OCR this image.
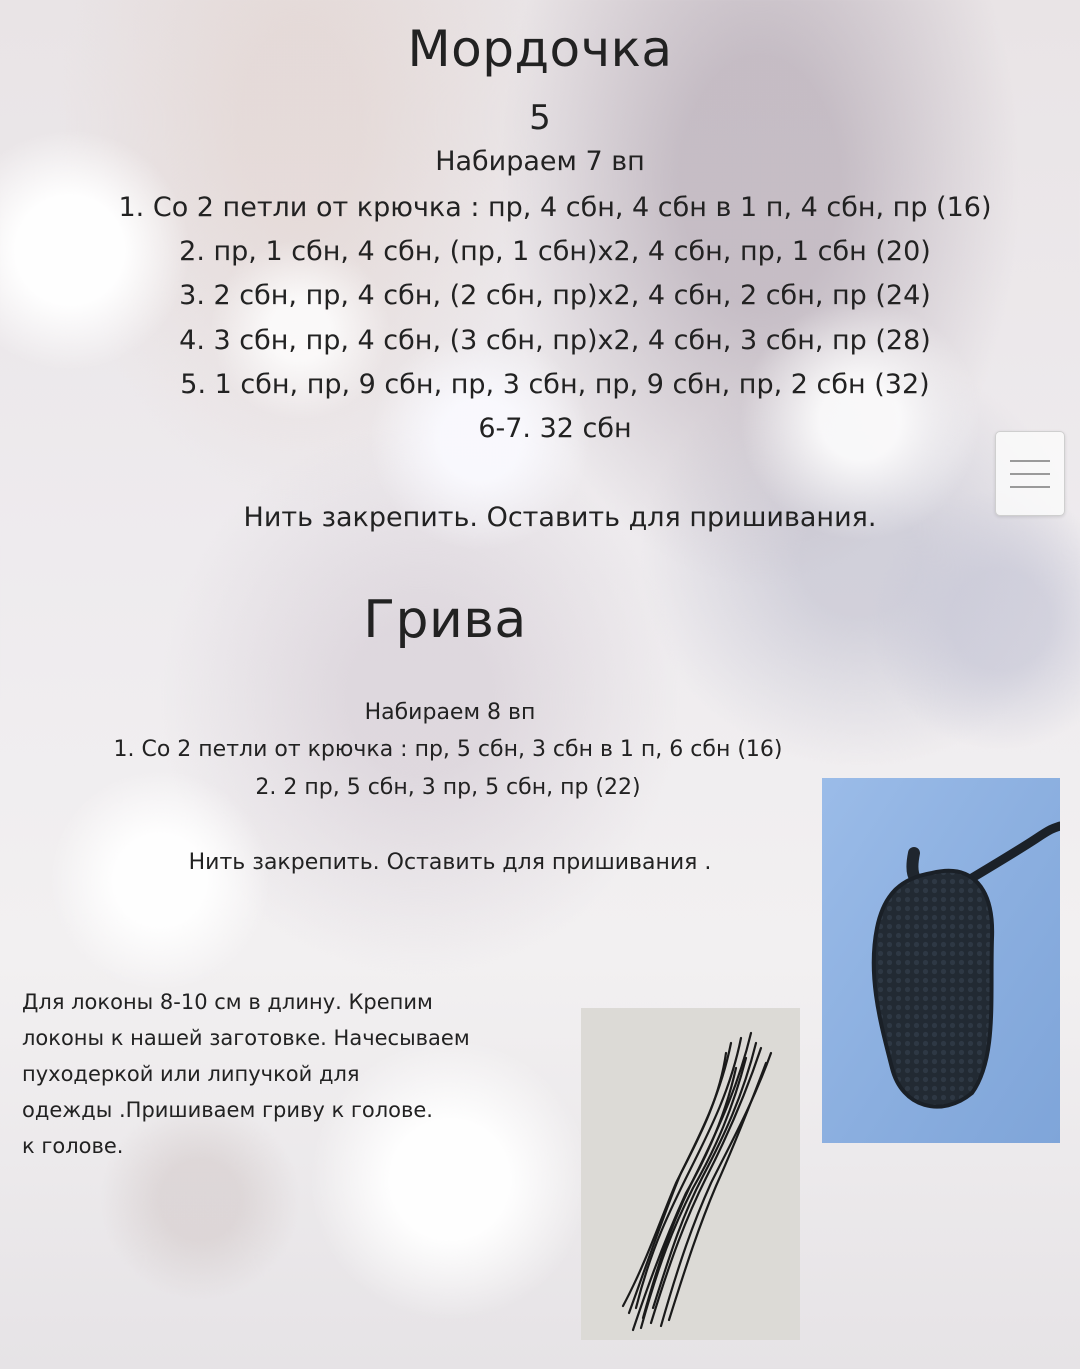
Мордочка
5
Набираем 7 вп
1. Со 2 петли от крючка : пр, 4 сбн, 4 сбн в 1 п, 4 сбн, пр (16)
2. пр, 1 сбн, 4 сбн, (пр, 1 сбн)х2, 4 сбн, пр, 1 сбн (20)
3. 2 сбн, пр, 4 сбн, (2 сбн, пр)х2, 4 сбн, 2 сбн, пр (24)
4. 3 сбн, пр, 4 сбн, (3 сбн, пр)х2, 4 сбн, 3 сбн, пр (28)
5. 1 сбн, пр, 9 сбн, пр, 3 сбн, пр, 9 сбн, пр, 2 сбн (32)
6-7. 32 сбн
Нить закрепить. Оставить для пришивания.
Грива
Набираем 8 вп
1. Со 2 петли от крючка : пр, 5 сбн, 3 сбн в 1 п, 6 сбн (16)
2. 2 пр, 5 сбн, 3 пр, 5 сбн, пр (22)
Нить закрепить. Оставить для пришивания .
Для локоны 8-10 см в длину. Крепим
локоны к нашей заготовке. Начесываем
пуходеркой или липучкой для
одежды .Пришиваем гриву к голове.
к голове.
